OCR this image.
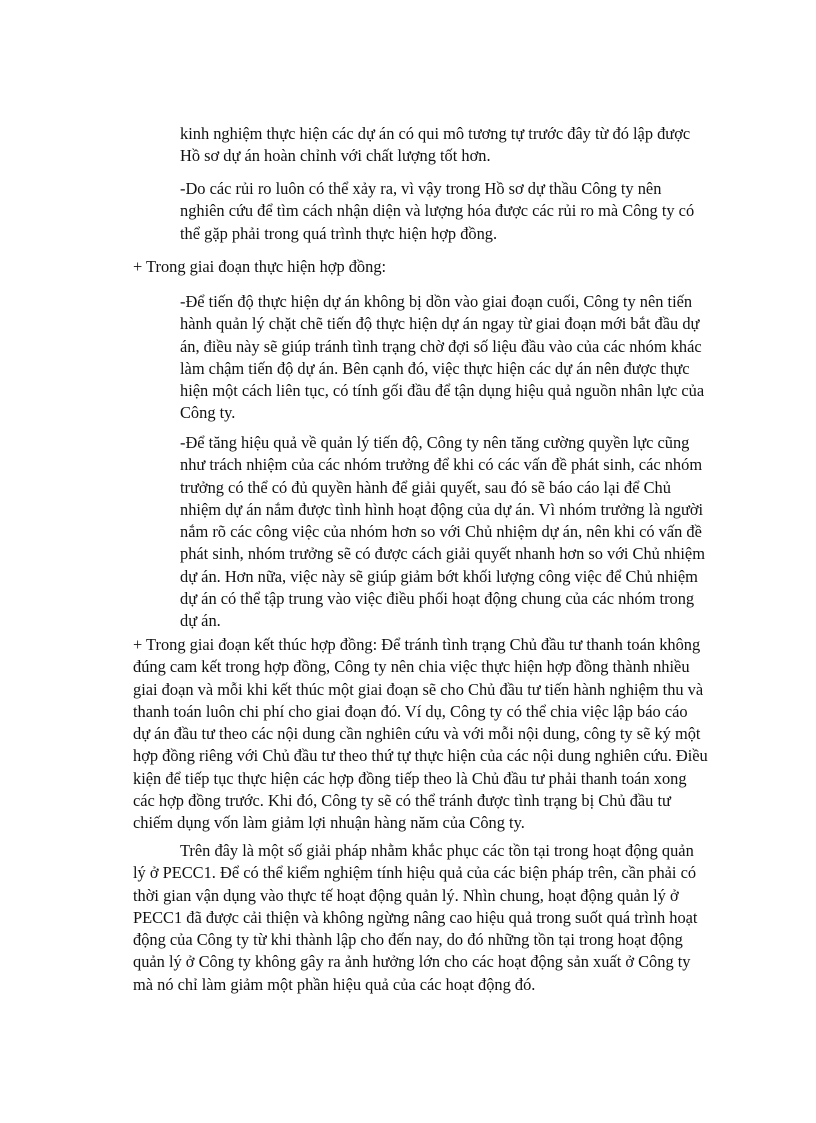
kinh nghiệm thực hiện các dự án có qui mô tương tự trước đây từ đó lập được
Hồ sơ dự án hoàn chỉnh với chất lượng tốt hơn.

-Do các rủi ro luôn có thể xảy ra, vì vậy trong Hồ sơ dự thầu Công ty nên
nghiên cứu để tìm cách nhận diện và lượng hóa được các rủi ro mà Công ty có
thể gặp phải trong quá trình thực hiện hợp đồng.

+ Trong giai đoạn thực hiện hợp đồng:

-Để tiến độ thực hiện dự án không bị dồn vào giai đoạn cuối, Công ty nên tiến
hành quản lý chặt chẽ tiến độ thực hiện dự án ngay từ giai đoạn mới bắt đầu dự
án, điều này sẽ giúp tránh tình trạng chờ đợi số liệu đầu vào của các nhóm khác
làm chậm tiến độ dự án. Bên cạnh đó, việc thực hiện các dự án nên được thực
hiện một cách liên tục, có tính gối đầu để tận dụng hiệu quả nguồn nhân lực của
Công ty.

-Để tăng hiệu quả về quản lý tiến độ, Công ty nên tăng cường quyền lực cũng
như trách nhiệm của các nhóm trưởng để khi có các vấn đề phát sinh, các nhóm
trưởng có thể có đủ quyền hành để giải quyết, sau đó sẽ báo cáo lại để Chủ
nhiệm dự án nắm được tình hình hoạt động của dự án. Vì nhóm trưởng là người
nắm rõ các công việc của nhóm hơn so với Chủ nhiệm dự án, nên khi có vấn đề
phát sinh, nhóm trưởng sẽ có được cách giải quyết nhanh hơn so với Chủ nhiệm
dự án. Hơn nữa, việc này sẽ giúp giảm bớt khối lượng công việc để Chủ nhiệm
dự án có thể tập trung vào việc điều phối hoạt động chung của các nhóm trong
dự án.

+ Trong giai đoạn kết thúc hợp đồng: Để tránh tình trạng Chủ đầu tư thanh toán không
đúng cam kết trong hợp đồng, Công ty nên chia việc thực hiện hợp đồng thành nhiều
giai đoạn và mỗi khi kết thúc một giai đoạn sẽ cho Chủ đầu tư tiến hành nghiệm thu và
thanh toán luôn chi phí cho giai đoạn đó. Ví dụ, Công ty có thể chia việc lập báo cáo
dự án đầu tư theo các nội dung cần nghiên cứu và với mỗi nội dung, công ty sẽ ký một
hợp đồng riêng với Chủ đầu tư theo thứ tự thực hiện của các nội dung nghiên cứu. Điều
kiện để tiếp tục thực hiện các hợp đồng tiếp theo là Chủ đầu tư phải thanh toán xong
các hợp đồng trước. Khi đó, Công ty sẽ có thể tránh được tình trạng bị Chủ đầu tư
chiếm dụng vốn làm giảm lợi nhuận hàng năm của Công ty.

Trên đây là một số giải pháp nhằm khắc phục các tồn tại trong hoạt động quản
lý ở PECC1. Để có thể kiểm nghiệm tính hiệu quả của các biện pháp trên, cần phải có
thời gian vận dụng vào thực tế hoạt động quản lý. Nhìn chung, hoạt động quản lý ở
PECC1 đã được cải thiện và không ngừng nâng cao hiệu quả trong suốt quá trình hoạt
động của Công ty từ khi thành lập cho đến nay, do đó những tồn tại trong hoạt động
quản lý ở Công ty không gây ra ảnh hưởng lớn cho các hoạt động sản xuất ở Công ty
mà nó chỉ làm giảm một phần hiệu quả của các hoạt động đó.
